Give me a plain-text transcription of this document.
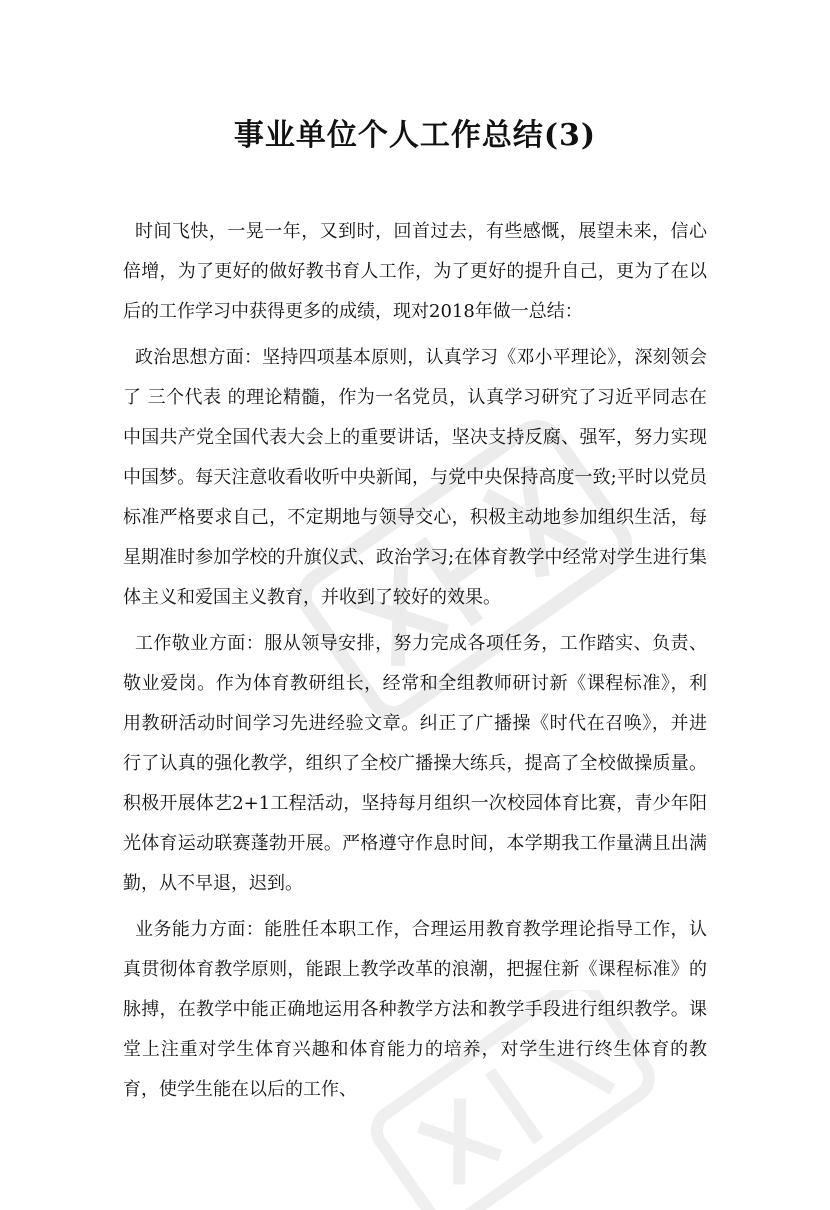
事业单位个人工作总结(3)

时间飞快，一晃一年，又到时，回首过去，有些感慨，展望未来，信心倍增，为了更好的做好教书育人工作，为了更好的提升自己，更为了在以后的工作学习中获得更多的成绩，现对2018年做一总结：

政治思想方面：坚持四项基本原则，认真学习《邓小平理论》，深刻领会了 三个代表 的理论精髓，作为一名党员，认真学习研究了习近平同志在中国共产党全国代表大会上的重要讲话，坚决支持反腐、强军，努力实现中国梦。每天注意收看收听中央新闻，与党中央保持高度一致;平时以党员标准严格要求自己，不定期地与领导交心，积极主动地参加组织生活，每星期准时参加学校的升旗仪式、政治学习;在体育教学中经常对学生进行集体主义和爱国主义教育，并收到了较好的效果。

工作敬业方面：服从领导安排，努力完成各项任务，工作踏实、负责、敬业爱岗。作为体育教研组长，经常和全组教师研讨新《课程标准》，利用教研活动时间学习先进经验文章。纠正了广播操《时代在召唤》，并进行了认真的强化教学，组织了全校广播操大练兵，提高了全校做操质量。积极开展体艺2+1工程活动，坚持每月组织一次校园体育比赛，青少年阳光体育运动联赛蓬勃开展。严格遵守作息时间，本学期我工作量满且出满勤，从不早退，迟到。

业务能力方面：能胜任本职工作，合理运用教育教学理论指导工作，认真贯彻体育教学原则，能跟上教学改革的浪潮，把握住新《课程标准》的脉搏，在教学中能正确地运用各种教学方法和教学手段进行组织教学。课堂上注重对学生体育兴趣和体育能力的培养，对学生进行终生体育的教育，使学生能在以后的工作、
